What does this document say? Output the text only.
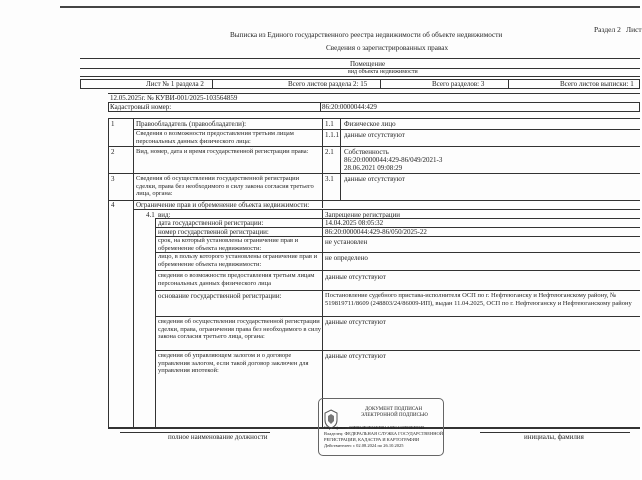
Раздел 2 Лист
Выписка из Единого государственного реестра недвижимости об объекте недвижимости
Сведения о зарегистрированных правах
Помещение
вид объекта недвижимости
Лист № 1 раздела 2	Всего листов раздела 2: 15	Всего разделов: 3	Всего листов выписки: 1
12.05.2025г. № КУВИ-001/2025-103564859
Кадастровый номер:	86:20:0000044:429
1	Правообладатель (правообладатели):	1.1 Физическое лицо
Сведения о возможности предоставления третьим лицам персональных данных физического лица:
1.1.1 данные отсутствуют
2	Вид, номер, дата и время государственной регистрации права:	2.1 Собственность
86:20:0000044:429-86/049/2021-3
28.06.2021 09:08:29
3	Сведения об осуществлении государственной регистрации сделки, права без необходимого в силу закона согласия третьего лица, органа:
3.1 данные отсутствуют
4	Ограничение прав и обременение объекта недвижимости:
4.1 вид:	Запрещение регистрации
дата государственной регистрации:	14.04.2025 08:05:32
номер государственной регистрации:	86:20:0000044:429-86/050/2025-22
срок, на который установлены ограничение прав и обременение объекта недвижимости:
не установлен
лицо, в пользу которого установлены ограничение прав и обременение объекта недвижимости:
не определено
сведения о возможности предоставления третьим лицам персональных данных физического лица
данные отсутствуют
основание государственной регистрации:	Постановление судебного пристава-исполнителя ОСП по г. Нефтеюганску и Нефтеюганскому району, № 519819711/8609 (248803/24/86009-ИП), выдан 11.04.2025, ОСП по г. Нефтеюганску и Нефтеюганскому району
сведения об осуществлении государственной регистрации сделки, права, ограничения права без необходимого в силу закона согласия третьего лица, органа:
данные отсутствуют
сведения об управляющем залогом и о договоре управления залогом, если такой договор заключен для управления ипотекой:
данные отсутствуют
полное наименование должности	инициалы, фамилия
ДОКУМЕНТ ПОДПИСАН
ЭЛЕКТРОННОЙ ПОДПИСЬЮ
Сертификат: 00FB34E3E56ED81A97C1337F0EFF6D
Владелец: ФЕДЕРАЛЬНАЯ СЛУЖБА ГОСУДАРСТВЕННОЙ
РЕГИСТРАЦИИ, КАДАСТРА И КАРТОГРАФИИ
Действителен: с 02.08.2024 по 26.10.2025
